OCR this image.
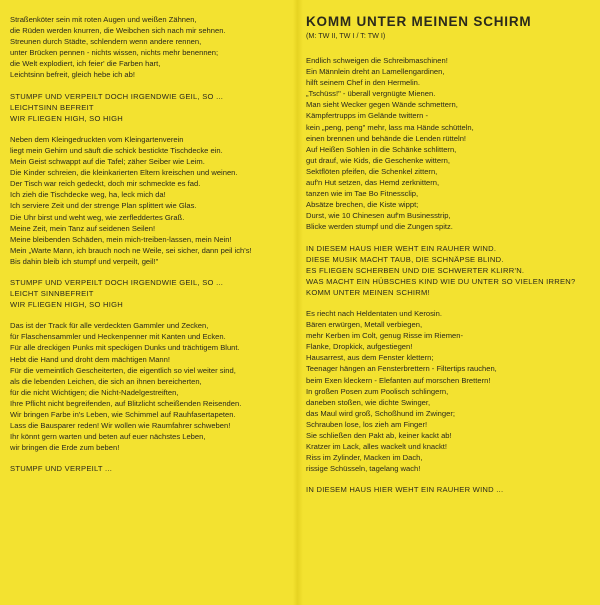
Straßenköter sein mit roten Augen und weißen Zähnen,
die Rüden werden knurren, die Weibchen sich nach mir sehnen.
Streunen durch Städte, schlendern wenn andere rennen,
unter Brücken pennen - nichts wissen, nichts mehr benennen;
die Welt explodiert, ich feier' die Farben hart,
Leichtsinn befreit, gleich hebe ich ab!
STUMPF UND VERPEILT DOCH IRGENDWIE GEIL, SO ...
LEICHTSINN BEFREIT
WIR FLIEGEN HIGH, SO HIGH
Neben dem Kleingedruckten vom Kleingartenverein
liegt mein Gehirn und säuft die schick bestickte Tischdecke ein.
Mein Geist schwappt auf die Tafel; zäher Seiber wie Leim.
Die Kinder schreien, die kleinkarierten Eltern kreischen und weinen.
Der Tisch war reich gedeckt, doch mir schmeckte es fad.
Ich zieh die Tischdecke weg, ha, leck mich da!
Ich serviere Zeit und der strenge Plan splittert wie Glas.
Die Uhr birst und weht weg, wie zerfleddertes Graß.
Meine Zeit, mein Tanz auf seidenen Seilen!
Meine bleibenden Schäden, mein mich-treiben-lassen, mein Nein!
Mein „Warte Mann, ich brauch noch ne Weile, sei sicher, dann peil ich's!
Bis dahin bleib ich stumpf und verpeilt, geil!"
STUMPF UND VERPEILT DOCH IRGENDWIE GEIL, SO ...
LEICHT SINNBEFREIT
WIR FLIEGEN HIGH, SO HIGH
Das ist der Track für alle verdeckten Gammler und Zecken,
für Flaschensammler und Heckenpenner mit Kanten und Ecken.
Für alle dreckigen Punks mit speckigen Dunks und trächtigem Blunt.
Hebt die Hand und droht dem mächtigen Mann!
Für die vemeintlich Gescheiterten, die eigentlich so viel weiter sind,
als die lebenden Leichen, die sich an ihnen bereicherten,
für die nicht Wichtigen; die Nicht-Nadelgestreiften,
Ihre Pflicht nicht begreifenden, auf Blitzlicht scheißenden Reisenden.
Wir bringen Farbe in's Leben, wie Schimmel auf Rauhfasertapeten.
Lass die Bausparer reden! Wir wollen wie Raumfahrer schweben!
Ihr könnt gern warten und beten auf euer nächstes Leben,
wir bringen die Erde zum beben!
STUMPF UND VERPEILT ...
KOMM UNTER MEINEN SCHIRM
(M: TW II, TW I / T: TW I)
Endlich schweigen die Schreibmaschinen!
Ein Männlein dreht an Lamellengardinen,
hilft seinem Chef in den Hermelin.
„Tschüss!" - überall vergnügte Mienen.
Man sieht Wecker gegen Wände schmettern,
Kämpfertrupps im Gelände twittern -
kein „peng, peng" mehr, lass ma Hände schütteln,
einen brennen und behände die Lenden rütteln!
Auf Heißen Sohlen in die Schänke schlittern,
gut drauf, wie Kids, die Geschenke wittern,
Sektflöten pfeifen, die Schenkel zittern,
auf'n Hut setzen, das Hemd zerknittern,
tanzen wie im Tae Bo Fitnessclip,
Absätze brechen, die Kiste wippt;
Durst, wie 10 Chinesen auf'm Businesstrip,
Blicke werden stumpf und die Zungen spitz.
IN DIESEM HAUS HIER WEHT EIN RAUHER WIND.
DIESE MUSIK MACHT TAUB, DIE SCHNÄPSE BLIND.
ES FLIEGEN SCHERBEN UND DIE SCHWERTER KLIRR'N.
WAS MACHT EIN HÜBSCHES KIND WIE DU UNTER SO VIELEN IRREN?
KOMM UNTER MEINEN SCHIRM!
Es riecht nach Heldentaten und Kerosin.
Bären erwürgen, Metall verbiegen,
mehr Kerben im Colt, genug Risse im Riemen-
Flanke, Dropkick, aufgestiegen!
Hausarrest, aus dem Fenster klettern;
Teenager hängen an Fensterbrettern - Filtertips rauchen,
beim Exen kleckern - Elefanten auf morschen Brettern!
In großen Posen zum Poolisch schlingern,
daneben stoßen, wie dichte Swinger,
das Maul wird groß, Schoßhund im Zwinger;
Schrauben lose, los zieh am Finger!
Sie schließen den Pakt ab, keiner kackt ab!
Kratzer im Lack, alles wackelt und knackt!
Riss im Zylinder, Macken im Dach,
rissige Schüsseln, tagelang wach!
IN DIESEM HAUS HIER WEHT EIN RAUHER WIND ...
